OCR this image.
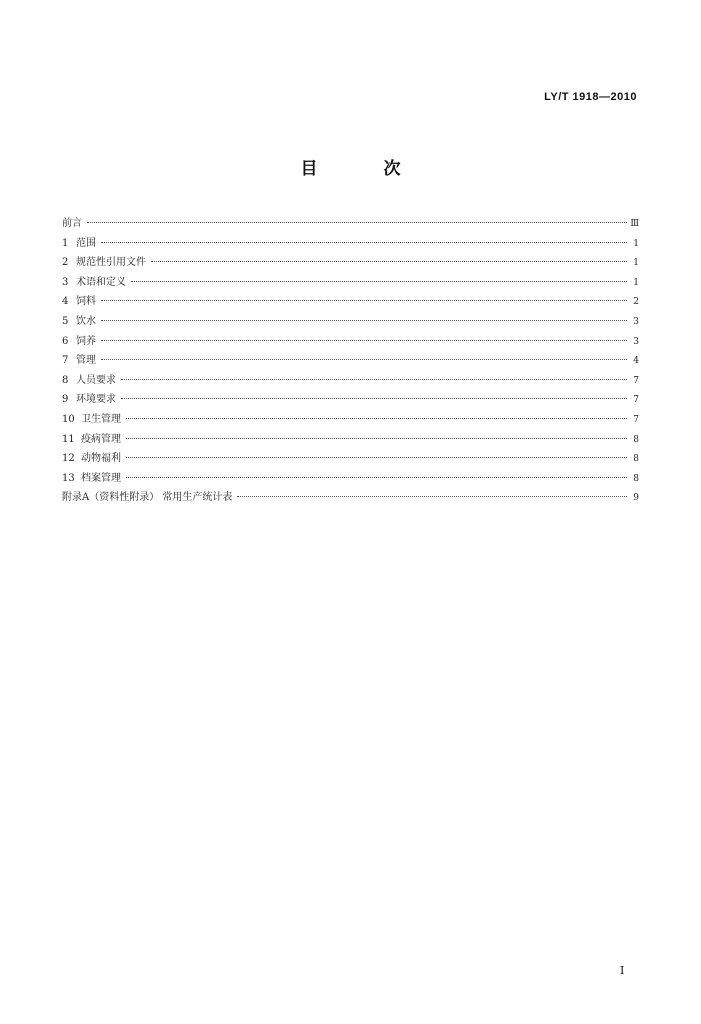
LY/T 1918—2010
目 次
前言	Ⅲ
1 范围	1
2 规范性引用文件	1
3 术语和定义	1
4 饲料	2
5 饮水	3
6 饲养	3
7 管理	4
8 人员要求	7
9 环境要求	7
10 卫生管理	7
11 疫病管理	8
12 动物福利	8
13 档案管理	8
附录A（资料性附录） 常用生产统计表	9
I
